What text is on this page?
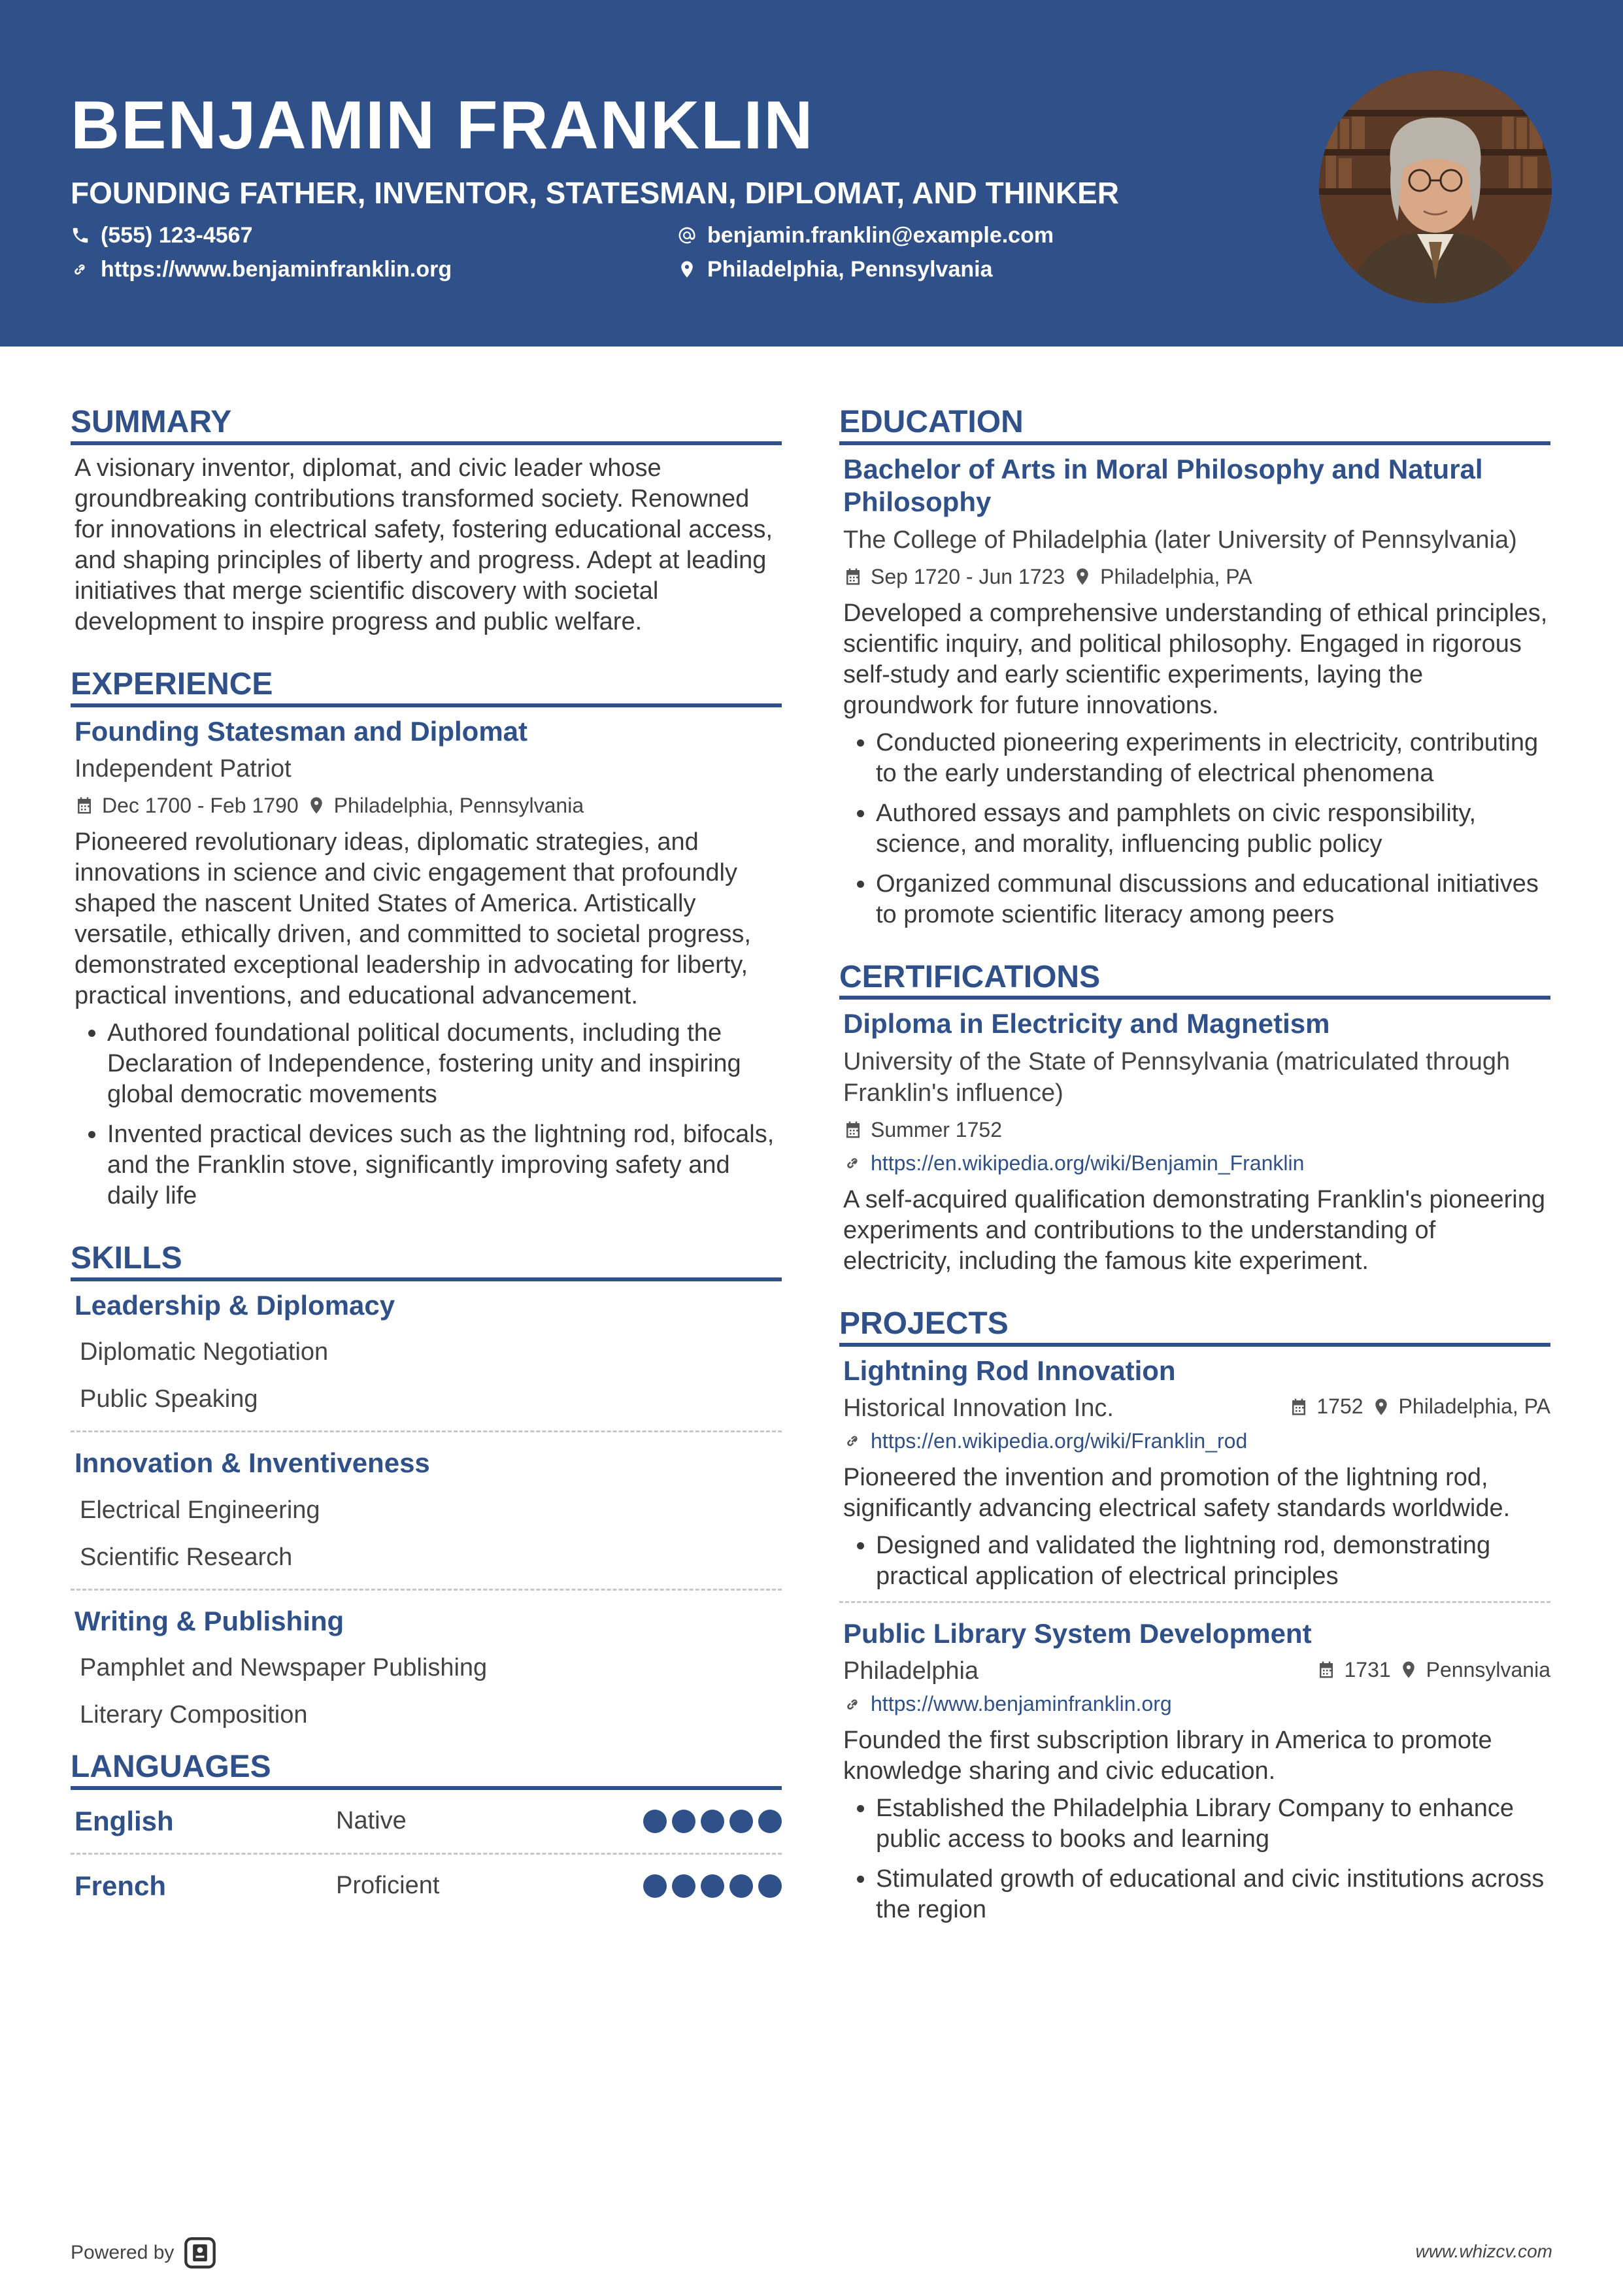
BENJAMIN FRANKLIN
FOUNDING FATHER, INVENTOR, STATESMAN, DIPLOMAT, AND THINKER
(555) 123-4567	benjamin.franklin@example.com
https://www.benjaminfranklin.org	Philadelphia, Pennsylvania
SUMMARY

A visionary inventor, diplomat, and civic leader whose groundbreaking contributions transformed society. Renowned for innovations in electrical safety, fostering educational access, and shaping principles of liberty and progress. Adept at leading initiatives that merge scientific discovery with societal development to inspire progress and public welfare.

EXPERIENCE
Founding Statesman and Diplomat
Independent Patriot
Dec 1700 - Feb 1790 Philadelphia, Pennsylvania

Pioneered revolutionary ideas, diplomatic strategies, and innovations in science and civic engagement that profoundly shaped the nascent United States of America. Artistically versatile, ethically driven, and committed to societal progress, demonstrated exceptional leadership in advocating for liberty, practical inventions, and educational advancement.

• Authored foundational political documents, including the Declaration of Independence, fostering unity and inspiring global democratic movements
• Invented practical devices such as the lightning rod, bifocals, and the Franklin stove, significantly improving safety and daily life
SKILLS
Leadership & Diplomacy
Diplomatic Negotiation
Public Speaking
Innovation & Inventiveness
Electrical Engineering
Scientific Research
Writing & Publishing
Pamphlet and Newspaper Publishing
Literary Composition
LANGUAGES
English	Native
French	Proficient
EDUCATION
Bachelor of Arts in Moral Philosophy and Natural Philosophy
The College of Philadelphia (later University of Pennsylvania)
Sep 1720 - Jun 1723 Philadelphia, PA

Developed a comprehensive understanding of ethical principles, scientific inquiry, and political philosophy. Engaged in rigorous self-study and early scientific experiments, laying the groundwork for future innovations.

• Conducted pioneering experiments in electricity, contributing to the early understanding of electrical phenomena
• Authored essays and pamphlets on civic responsibility, science, and morality, influencing public policy
• Organized communal discussions and educational initiatives to promote scientific literacy among peers
CERTIFICATIONS
Diploma in Electricity and Magnetism
University of the State of Pennsylvania (matriculated through Franklin's influence)
Summer 1752
https://en.wikipedia.org/wiki/Benjamin_Franklin

A self-acquired qualification demonstrating Franklin's pioneering experiments and contributions to the understanding of electricity, including the famous kite experiment.

PROJECTS
Lightning Rod Innovation
Historical Innovation Inc.	1752 Philadelphia, PA
https://en.wikipedia.org/wiki/Franklin_rod

Pioneered the invention and promotion of the lightning rod, significantly advancing electrical safety standards worldwide.

• Designed and validated the lightning rod, demonstrating practical application of electrical principles
Public Library System Development
Philadelphia	1731 Pennsylvania
https://www.benjaminfranklin.org

Founded the first subscription library in America to promote knowledge sharing and civic education.

• Established the Philadelphia Library Company to enhance public access to books and learning
• Stimulated growth of educational and civic institutions across the region
Powered by	www.whizcv.com
